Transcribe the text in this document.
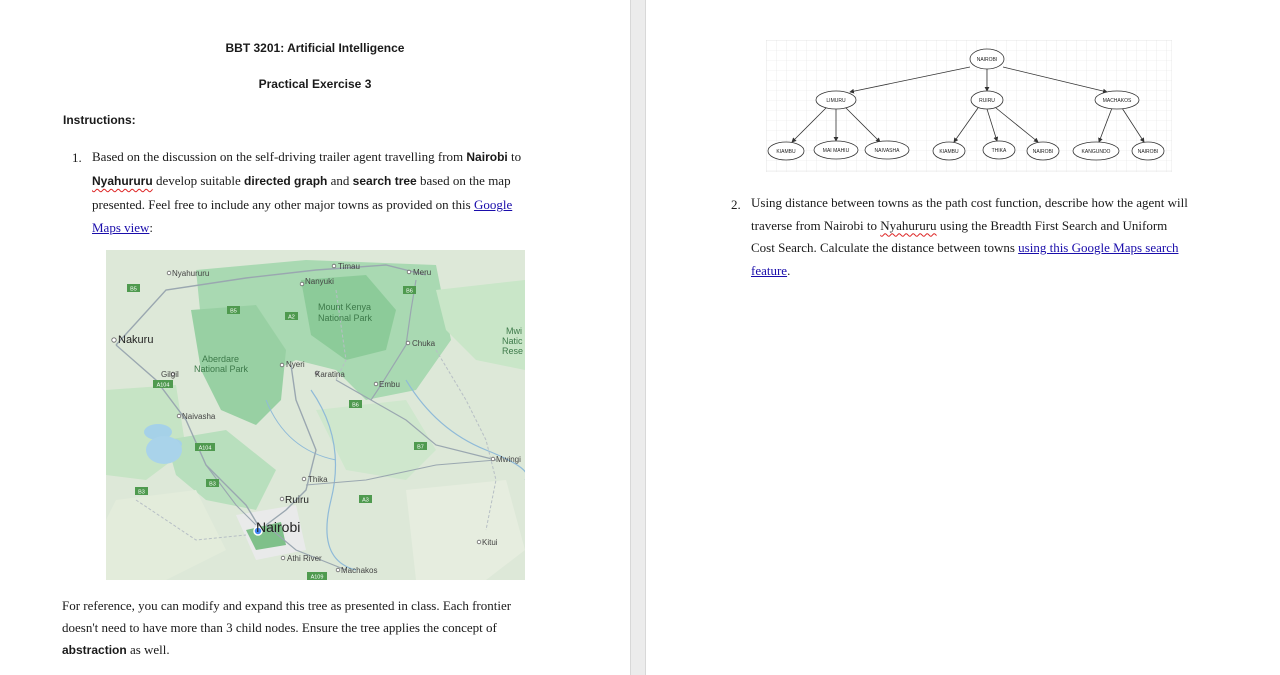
BBT 3201: Artificial Intelligence
Practical Exercise 3
Instructions:
1. Based on the discussion on the self-driving trailer agent travelling from Nairobi to
Nyahururu develop suitable directed graph and search tree based on the map
presented. Feel free to include any other major towns as provided on this Google
Maps view:
B5
B5
A2
B6
A104
B6
A104	B7
B3
B3
A3
A109
Nyahururu
Timau
Meru
Nanyuki
Mount Kenya
National Park
Mwi
Natic
Rese
Nakuru
Aberdare
National Park	Nyeri
Chuka
Gilgil	Karatina
Embu
Naivasha
Mwingi
Thika
Ruiru
Nairobi
Kitui
Athi River
Machakos
For reference, you can modify and expand this tree as presented in class. Each frontier
doesn't need to have more than 3 child nodes. Ensure the tree applies the concept of
abstraction as well.
NAIROBI
LIMURU	RUIRU	MACHAKOS
KIAMBU	MAI MAHIU	NAIVASHA	KIAMBU	THIKA	NAIROBI	KANGUNDO	NAIROBI
2. Using distance between towns as the path cost function, describe how the agent will
traverse from Nairobi to Nyahururu using the Breadth First Search and Uniform
Cost Search. Calculate the distance between towns using this Google Maps search
feature.
